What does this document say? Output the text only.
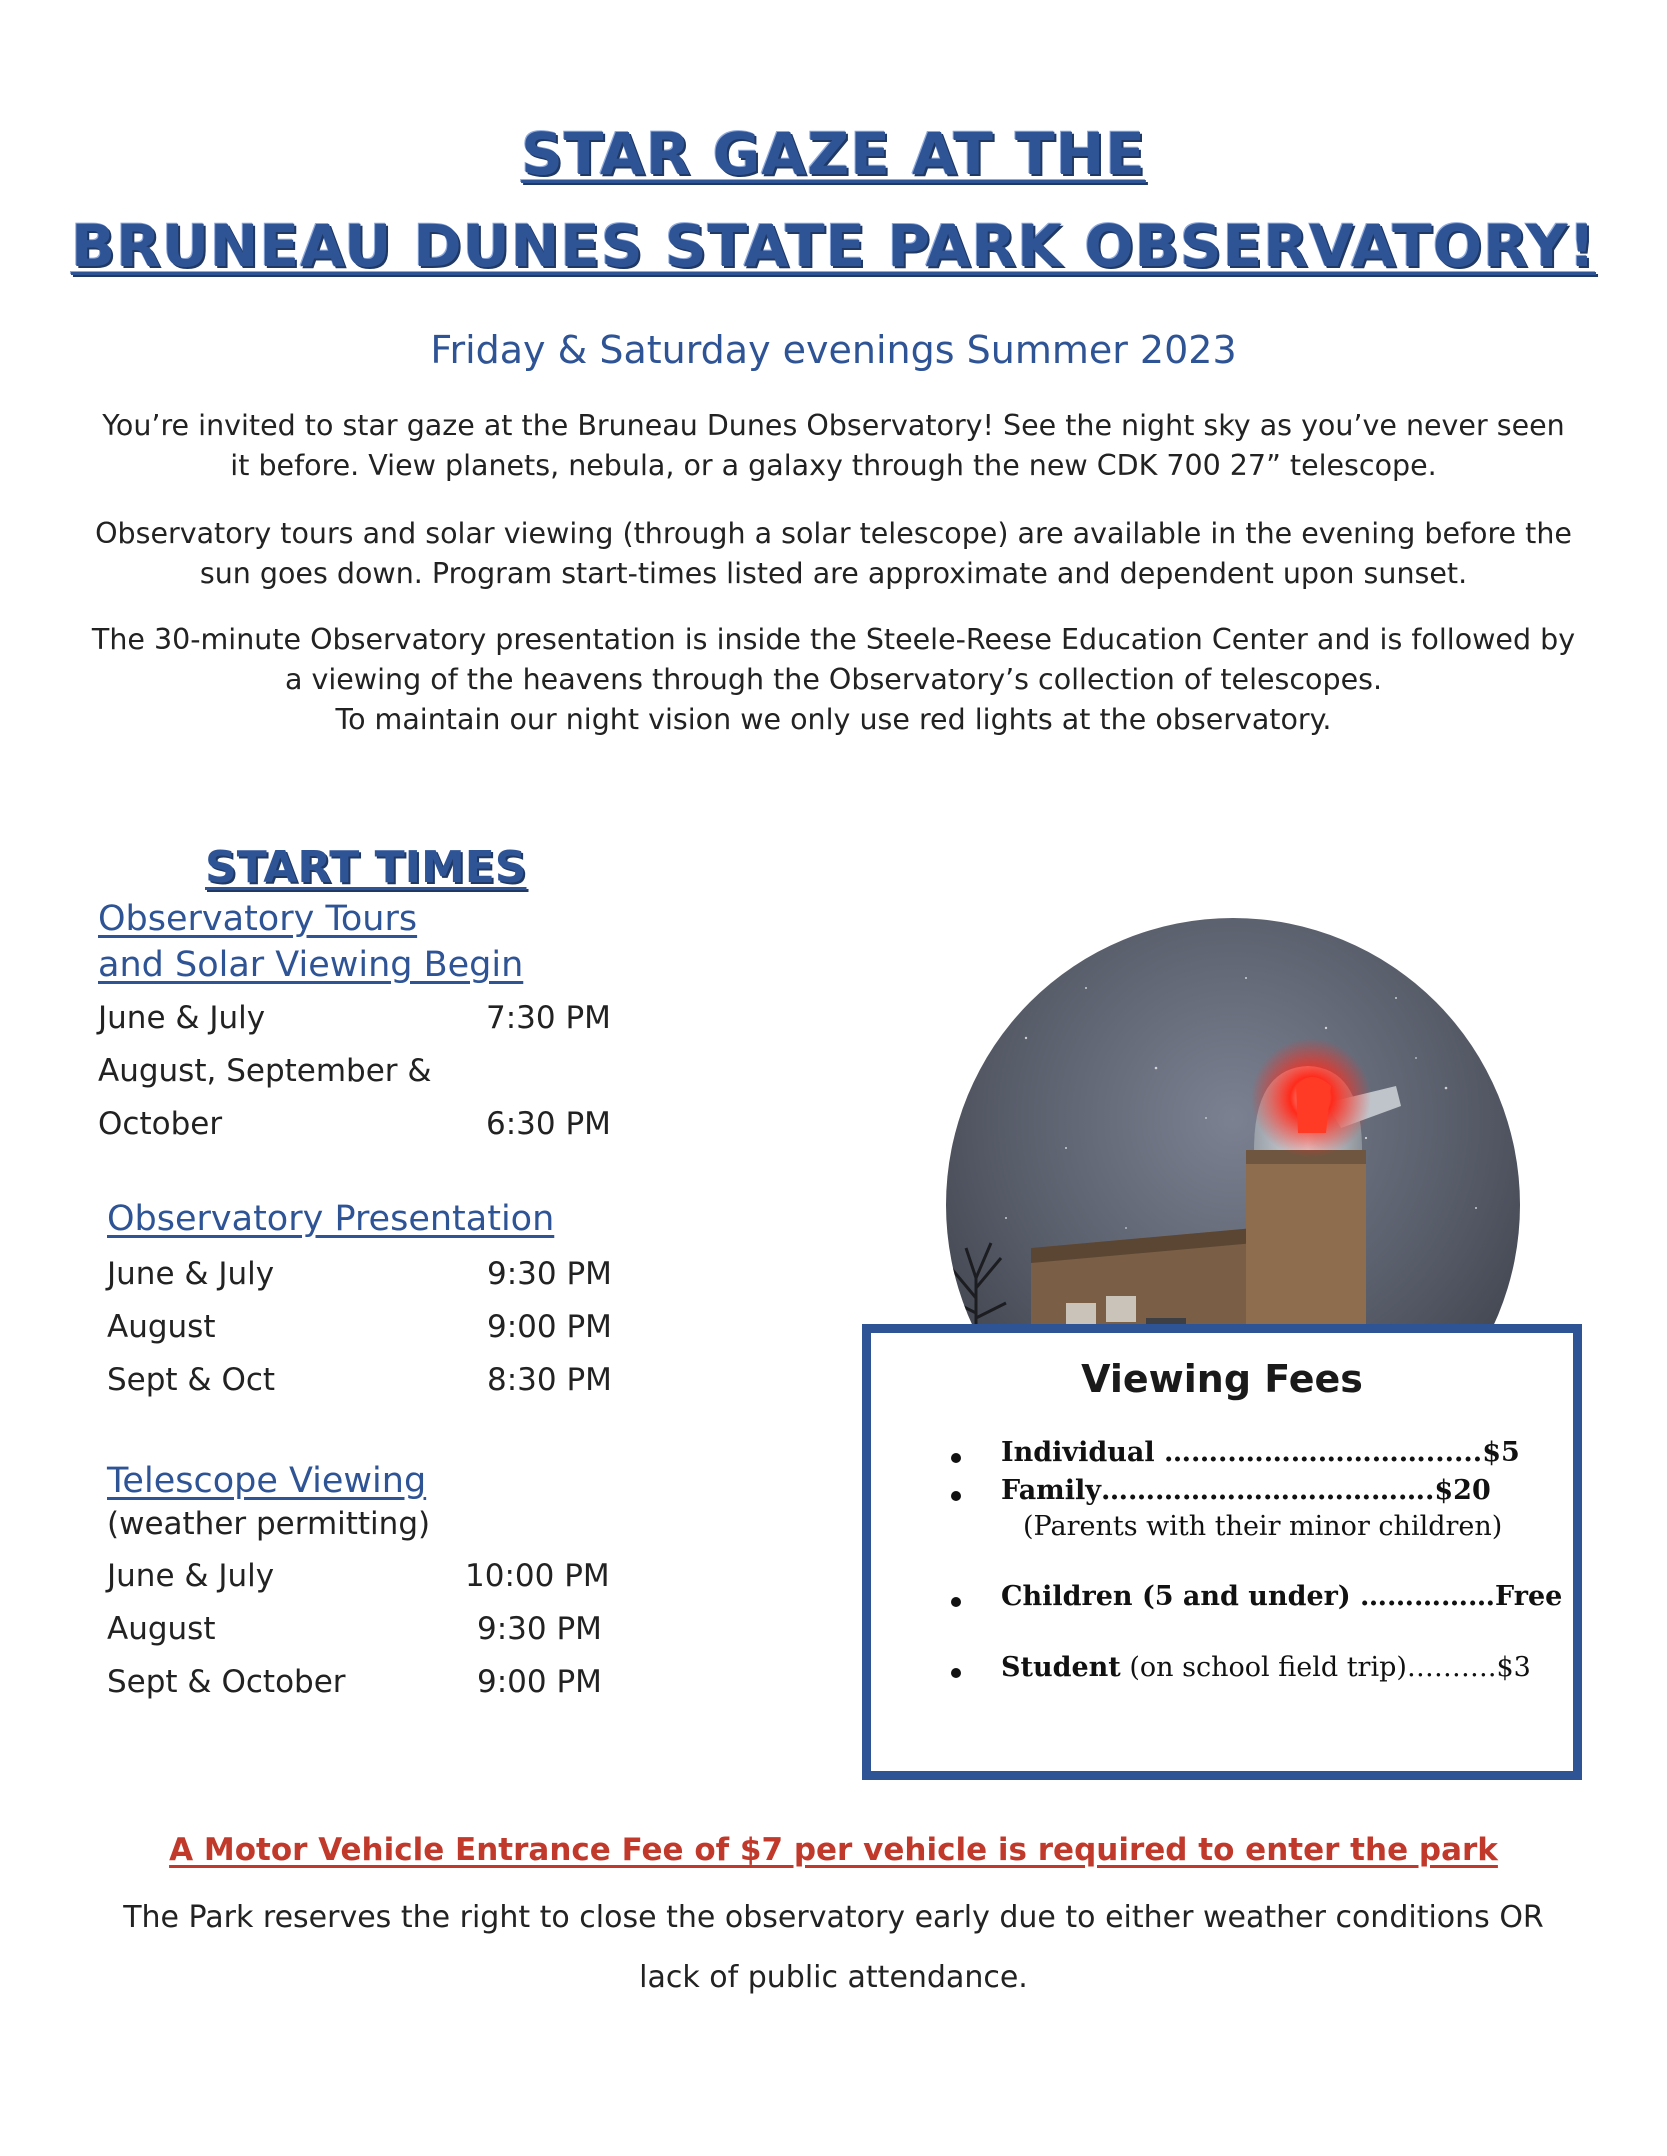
STAR GAZE AT THE
BRUNEAU DUNES STATE PARK OBSERVATORY!
Friday & Saturday evenings Summer 2023
You’re invited to star gaze at the Bruneau Dunes Observatory! See the night sky as you’ve never seen it before. View planets, nebula, or a galaxy through the new CDK 700 27” telescope.
Observatory tours and solar viewing (through a solar telescope) are available in the evening before the sun goes down. Program start-times listed are approximate and dependent upon sunset.
The 30-minute Observatory presentation is inside the Steele-Reese Education Center and is followed by a viewing of the heavens through the Observatory’s collection of telescopes.
To maintain our night vision we only use red lights at the observatory.
START TIMES
Observatory Tours
and Solar Viewing Begin
June & July	7:30 PM
August, September &
October	6:30 PM
Observatory Presentation
June & July	9:30 PM
August	9:00 PM
Sept & Oct	8:30 PM
Telescope Viewing
(weather permitting)
June & July	10:00 PM
August	9:30 PM
Sept & October	9:00 PM
Viewing Fees
Individual ……..…………………......$5
Family……………………………….$20
(Parents with their minor children)
Children (5 and under) ……………Free
Student (on school field trip)……….$3
A Motor Vehicle Entrance Fee of $7 per vehicle is required to enter the park
The Park reserves the right to close the observatory early due to either weather conditions OR lack of public attendance.
